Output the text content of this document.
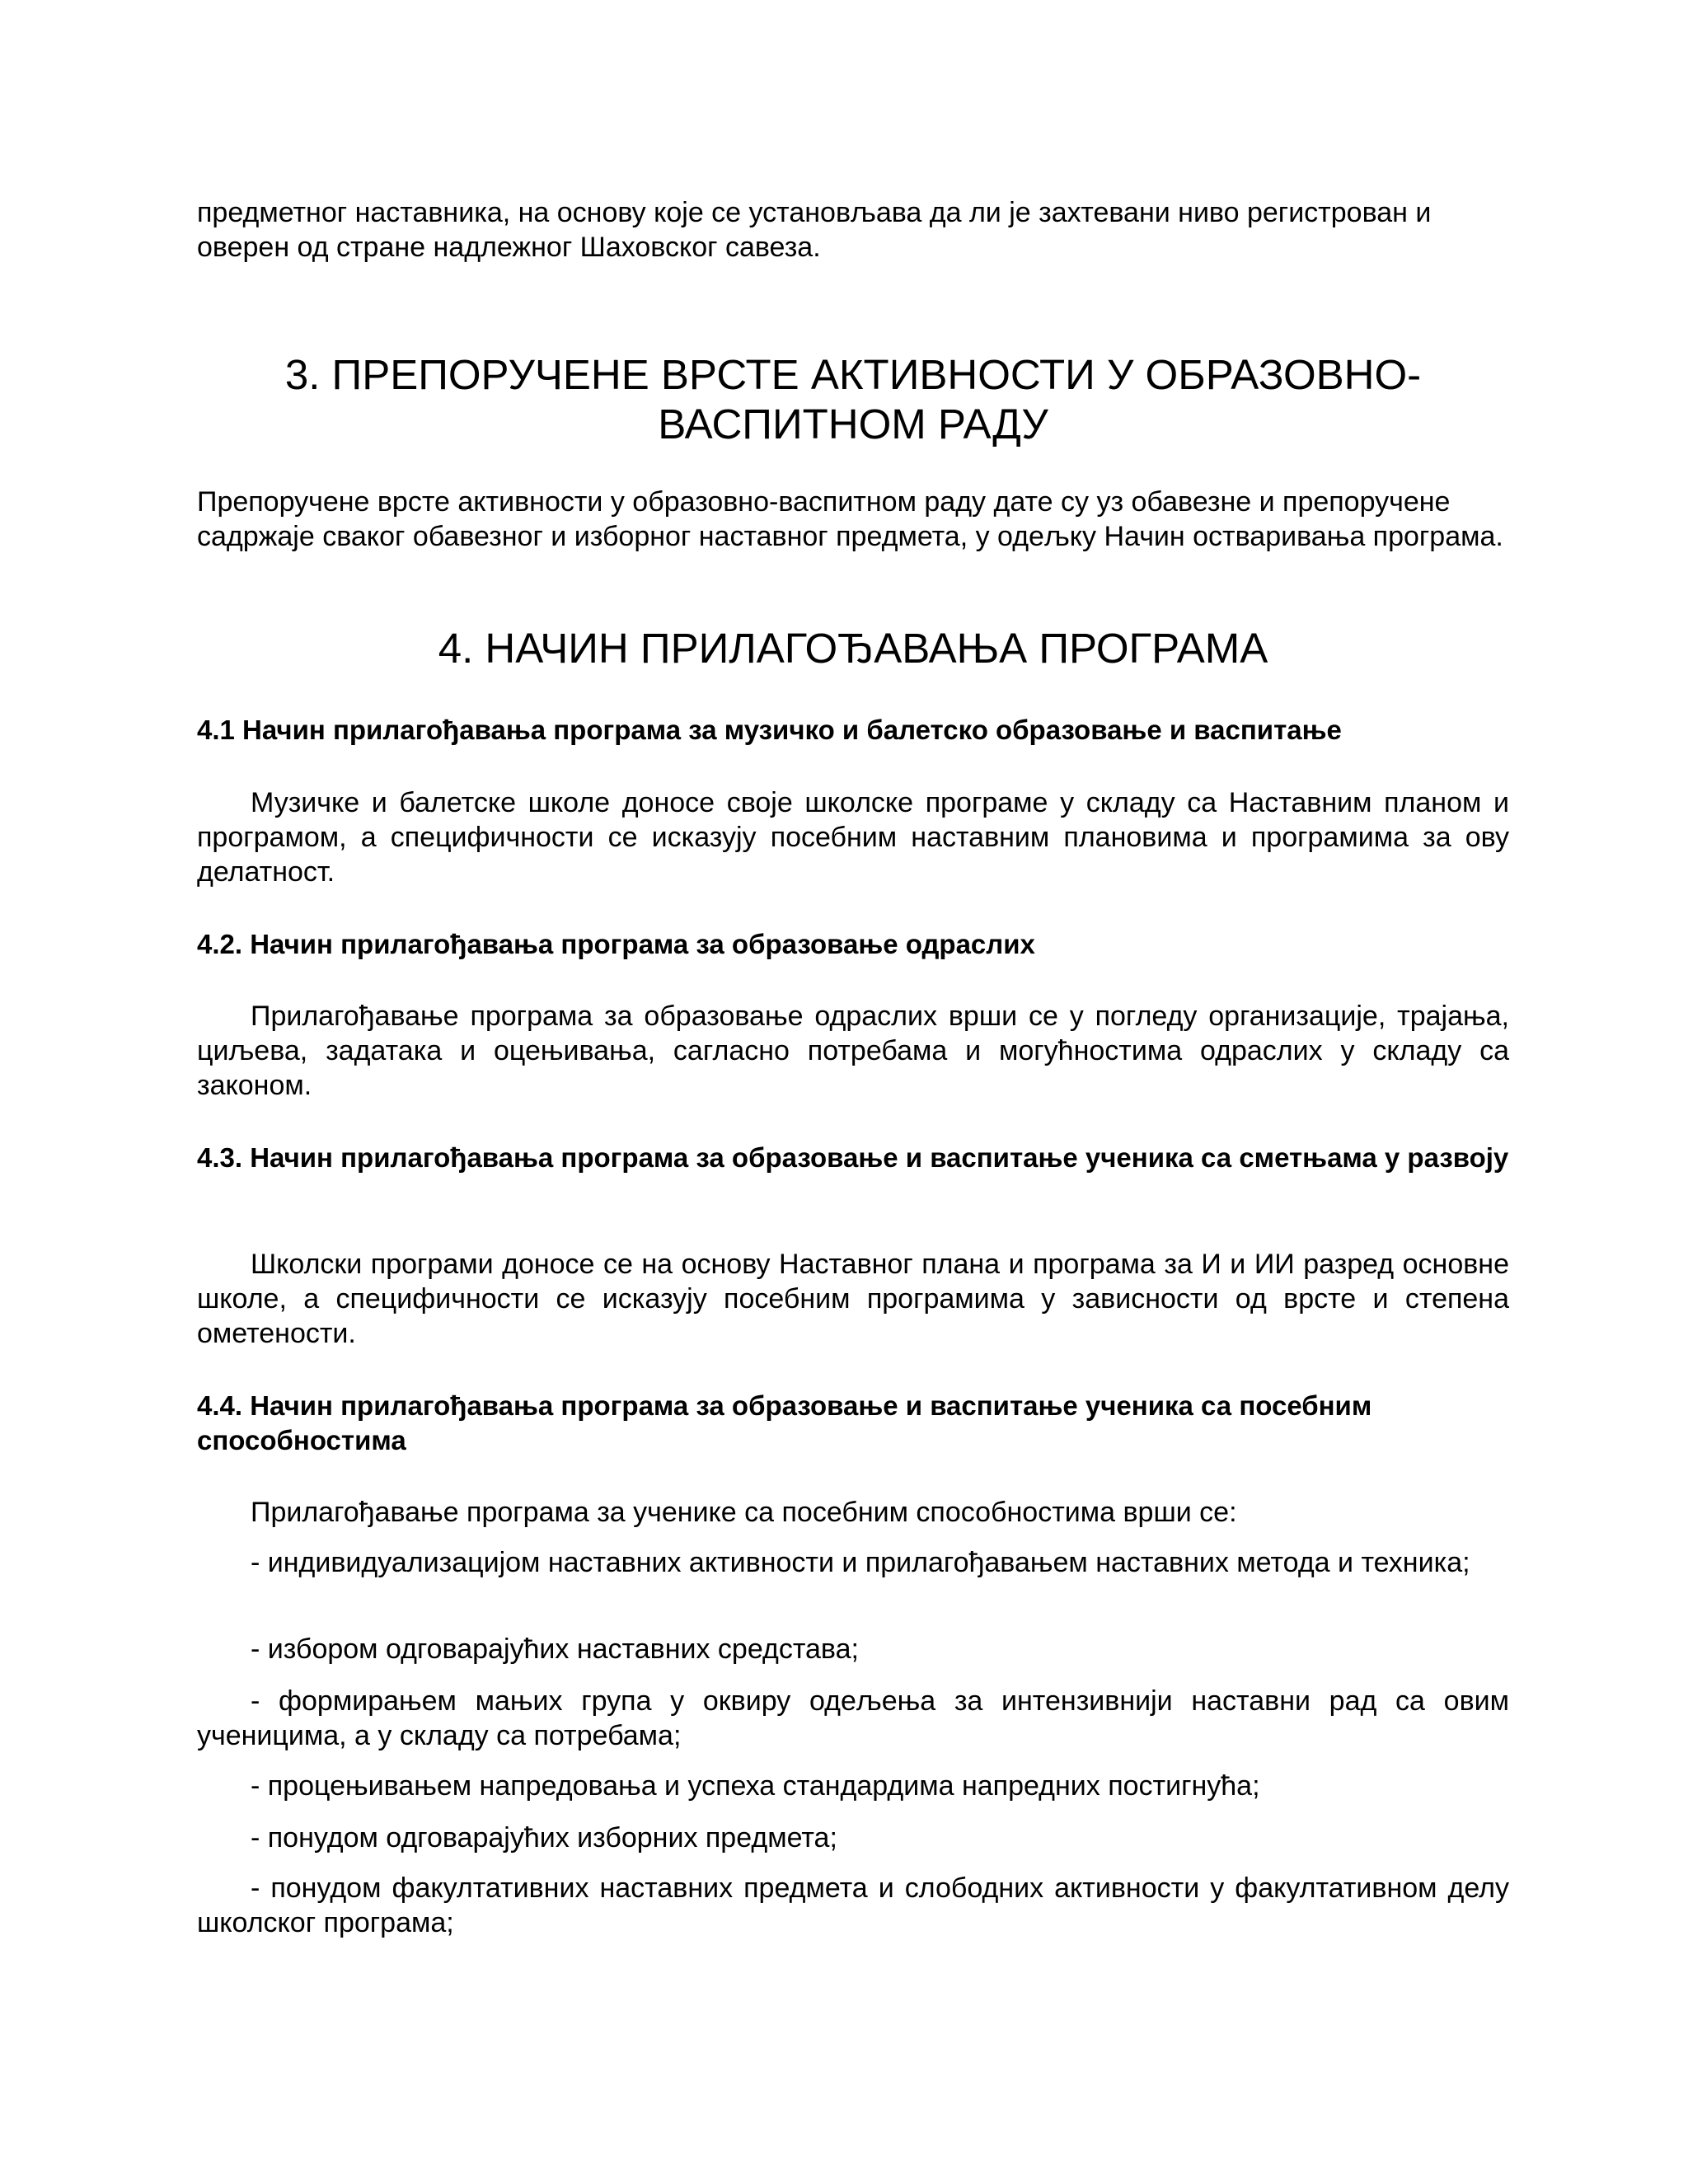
предметног наставника, на основу које се установљава да ли је захтевани ниво регистрован и оверен од стране надлежног Шаховског савеза.

3. ПРЕПОРУЧЕНЕ ВРСТЕ АКТИВНОСТИ У ОБРАЗОВНО-
ВАСПИТНОМ РАДУ

Препоручене врсте активности у образовно-васпитном раду дате су уз обавезне и препоручене садржаје сваког обавезног и изборног наставног предмета, у одељку Начин остваривања програма.

4. НАЧИН ПРИЛАГОЂАВАЊА ПРОГРАМА
4.1 Начин прилагођавања програма за музичко и балетско образовање и васпитање

Музичке и балетске школе доносе своје школске програме у складу са Наставним планом и програмом, а специфичности се исказују посебним наставним плановима и програмима за ову делатност.

4.2. Начин прилагођавања програма за образовање одраслих

Прилагођавање програма за образовање одраслих врши се у погледу организације, трајања, циљева, задатака и оцењивања, сагласно потребама и могућностима одраслих у складу са законом.

4.3. Начин прилагођавања програма за образовање и васпитање ученика са сметњама у развоју

Школски програми доносе се на основу Наставног плана и програма за И и ИИ разред основне школе, а специфичности се исказују посебним програмима у зависности од врсте и степена ометености.

4.4. Начин прилагођавања програма за образовање и васпитање ученика са посебним способностима

Прилагођавање програма за ученике са посебним способностима врши се:

- индивидуализацијом наставних активности и прилагођавањем наставних метода и техника;

- избором одговарајућих наставних средстава;

- формирањем мањих група у оквиру одељења за интензивнији наставни рад са овим ученицима, а у складу са потребама;

- процењивањем напредовања и успеха стандардима напредних постигнућа;

- понудом одговарајућих изборних предмета;

- понудом факултативних наставних предмета и слободних активности у факултативном делу школског програма;
